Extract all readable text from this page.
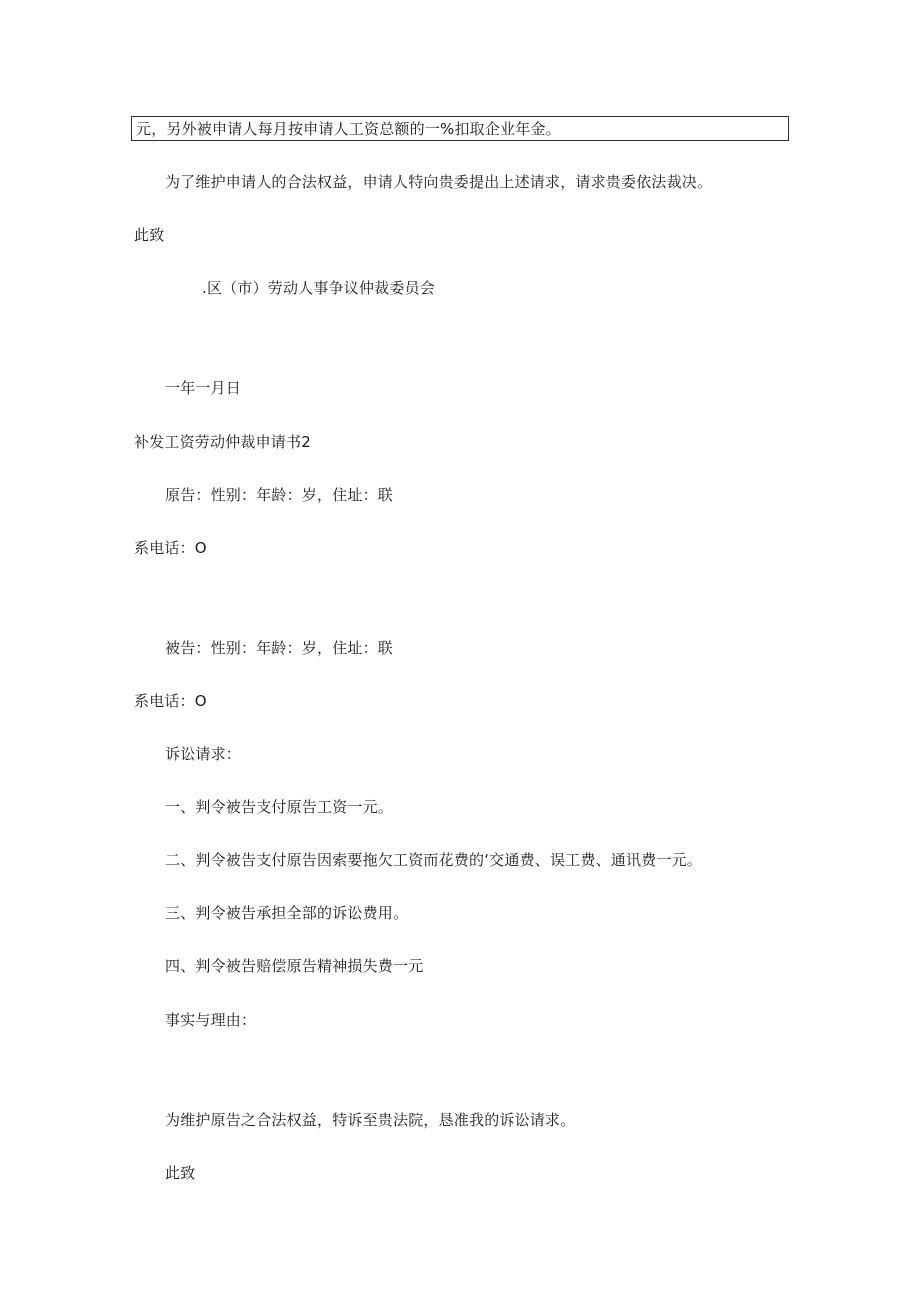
元，另外被申请人每月按申请人工资总额的一%扣取企业年金。
为了维护申请人的合法权益，申请人特向贵委提出上述请求，请求贵委依法裁决。
此致
.区（市）劳动人事争议仲裁委员会
一年一月日
补发工资劳动仲裁申请书2
原告：性别：年龄：岁，住址：联
系电话：O
被告：性别：年龄：岁，住址：联
系电话：O
诉讼请求：
一、判令被告支付原告工资一元。
二、判令被告支付原告因索要拖欠工资而花费的‘交通费、误工费、通讯费一元。
三、判令被告承担全部的诉讼费用。
四、判令被告赔偿原告精神损失费一元
事实与理由：
为维护原告之合法权益，特诉至贵法院，恳准我的诉讼请求。
此致
